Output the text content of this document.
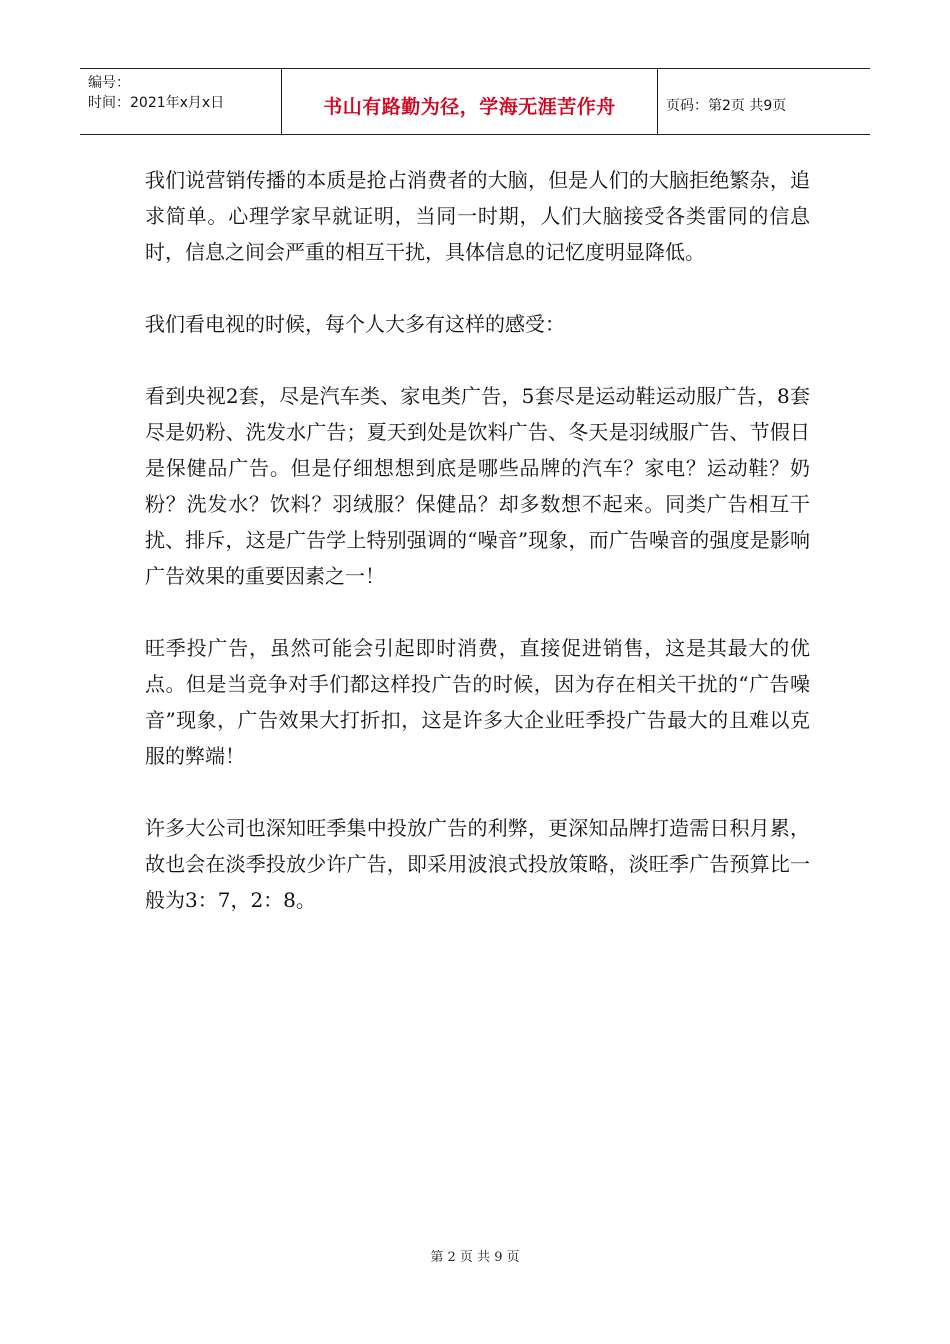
编号：
时间：2021年x月x日	书山有路勤为径，学海无涯苦作舟	页码：第2页 共9页

我们说营销传播的本质是抢占消费者的大脑，但是人们的大脑拒绝繁杂，追求简单。心理学家早就证明，当同一时期，人们大脑接受各类雷同的信息时，信息之间会严重的相互干扰，具体信息的记忆度明显降低。

我们看电视的时候，每个人大多有这样的感受：

看到央视2套，尽是汽车类、家电类广告，5套尽是运动鞋运动服广告，8套尽是奶粉、洗发水广告；夏天到处是饮料广告、冬天是羽绒服广告、节假日是保健品广告。但是仔细想想到底是哪些品牌的汽车？家电？运动鞋？奶粉？洗发水？饮料？羽绒服？保健品？却多数想不起来。同类广告相互干扰、排斥，这是广告学上特别强调的“噪音”现象，而广告噪音的强度是影响广告效果的重要因素之一！

旺季投广告，虽然可能会引起即时消费，直接促进销售，这是其最大的优点。但是当竞争对手们都这样投广告的时候，因为存在相关干扰的“广告噪音”现象，广告效果大打折扣，这是许多大企业旺季投广告最大的且难以克服的弊端！

许多大公司也深知旺季集中投放广告的利弊，更深知品牌打造需日积月累，故也会在淡季投放少许广告，即采用波浪式投放策略，淡旺季广告预算比一般为3：7，2：8。

第 2 页 共 9 页
